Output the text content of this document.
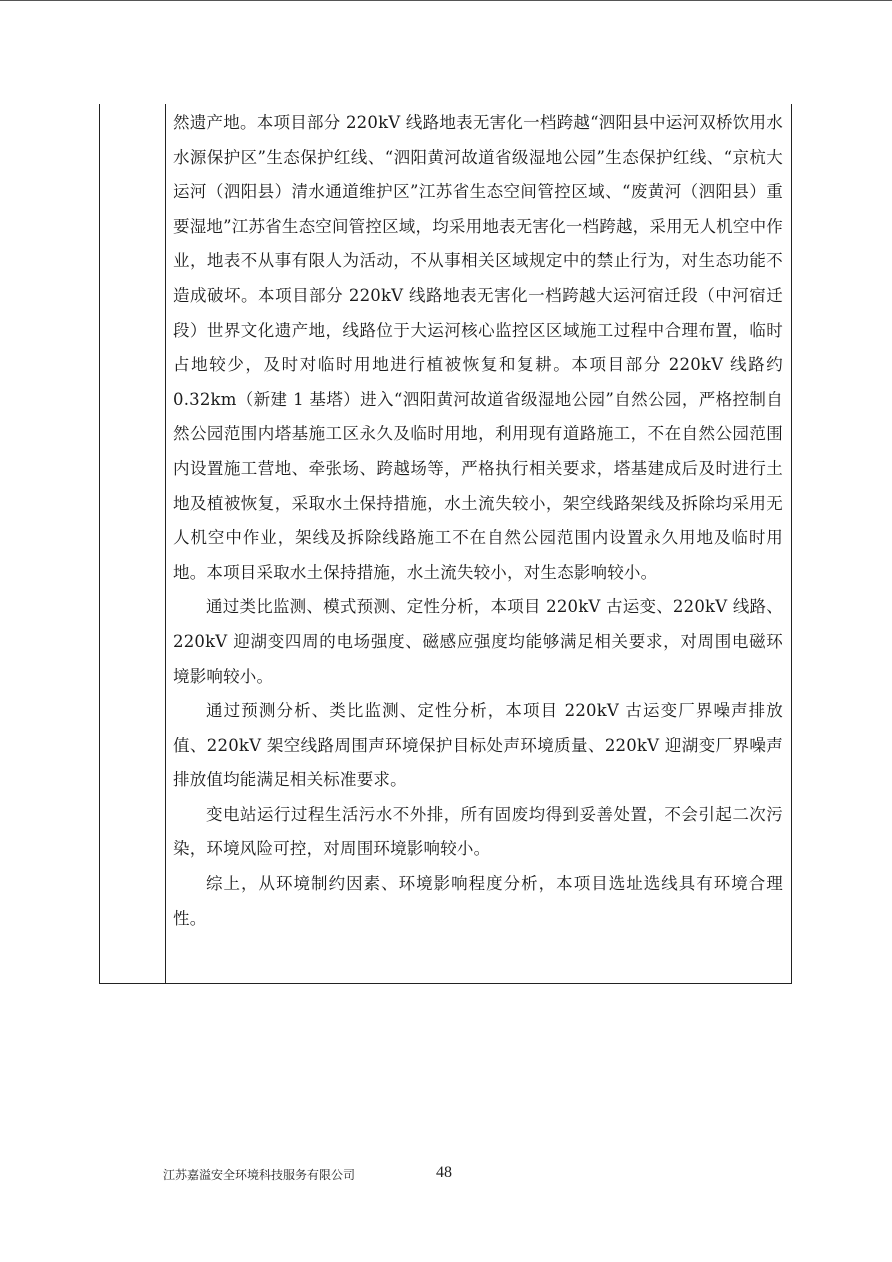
然遗产地。本项目部分 220kV 线路地表无害化一档跨越“泗阳县中运河双桥饮用水水源保护区”生态保护红线、“泗阳黄河故道省级湿地公园”生态保护红线、“京杭大运河（泗阳县）清水通道维护区”江苏省生态空间管控区域、“废黄河（泗阳县）重要湿地”江苏省生态空间管控区域，均采用地表无害化一档跨越，采用无人机空中作业，地表不从事有限人为活动，不从事相关区域规定中的禁止行为，对生态功能不造成破坏。本项目部分 220kV 线路地表无害化一档跨越大运河宿迁段（中河宿迁段）世界文化遗产地，线路位于大运河核心监控区区域施工过程中合理布置，临时占地较少，及时对临时用地进行植被恢复和复耕。本项目部分 220kV 线路约 0.32km（新建 1 基塔）进入“泗阳黄河故道省级湿地公园”自然公园，严格控制自然公园范围内塔基施工区永久及临时用地，利用现有道路施工，不在自然公园范围内设置施工营地、牵张场、跨越场等，严格执行相关要求，塔基建成后及时进行土地及植被恢复，采取水土保持措施，水土流失较小，架空线路架线及拆除均采用无人机空中作业，架线及拆除线路施工不在自然公园范围内设置永久用地及临时用地。本项目采取水土保持措施，水土流失较小，对生态影响较小。

通过类比监测、模式预测、定性分析，本项目 220kV 古运变、220kV 线路、220kV 迎湖变四周的电场强度、磁感应强度均能够满足相关要求，对周围电磁环境影响较小。

通过预测分析、类比监测、定性分析，本项目 220kV 古运变厂界噪声排放值、220kV 架空线路周围声环境保护目标处声环境质量、220kV 迎湖变厂界噪声排放值均能满足相关标准要求。

变电站运行过程生活污水不外排，所有固废均得到妥善处置，不会引起二次污染，环境风险可控，对周围环境影响较小。

综上，从环境制约因素、环境影响程度分析，本项目选址选线具有环境合理性。

江苏嘉溢安全环境科技服务有限公司	48
